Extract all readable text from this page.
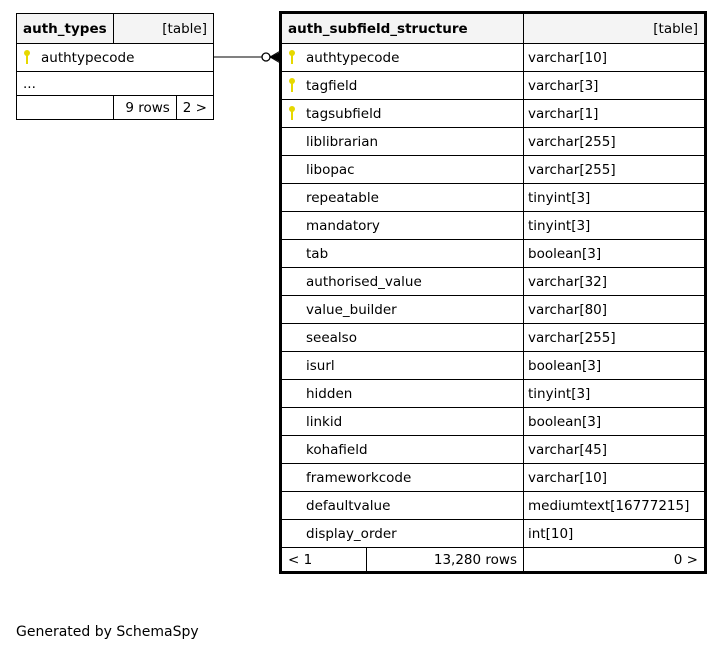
auth_types	[table]	
authtypecode		
...		
	9 rows	2 >
auth_subfield_structure		[table]
authtypecode		varchar[10]
tagfield		varchar[3]
tagsubfield		varchar[1]
liblibrarian		varchar[255]
libopac		varchar[255]
repeatable		tinyint[3]
mandatory		tinyint[3]
tab		boolean[3]
authorised_value		varchar[32]
value_builder		varchar[80]
seealso		varchar[255]
isurl		boolean[3]
hidden		tinyint[3]
linkid		boolean[3]
kohafield		varchar[45]
frameworkcode		varchar[10]
defaultvalue		mediumtext[16777215]
display_order		int[10]
< 1	13,280 rows	0 >
Generated by SchemaSpy
